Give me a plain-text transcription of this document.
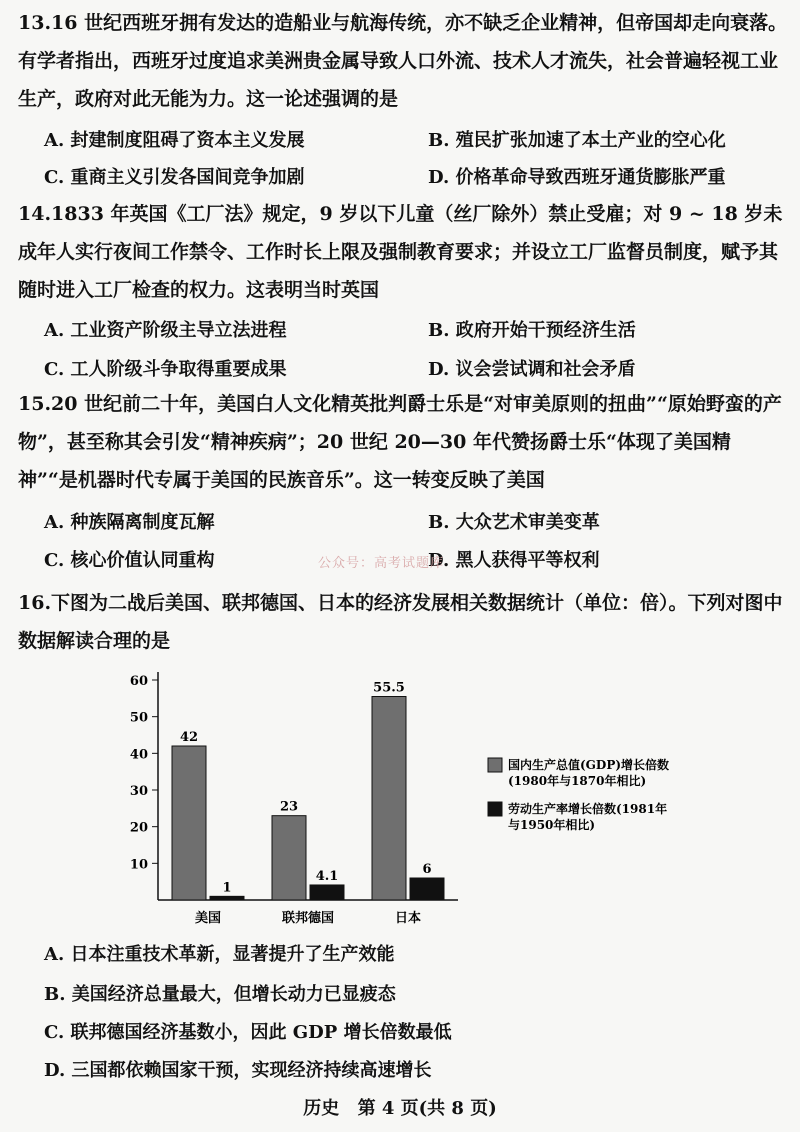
13.16 世纪西班牙拥有发达的造船业与航海传统，亦不缺乏企业精神，但帝国却走向衰落。有学者指出，西班牙过度追求美洲贵金属导致人口外流、技术人才流失，社会普遍轻视工业生产，政府对此无能为力。这一论述强调的是
A. 封建制度阻碍了资本主义发展	B. 殖民扩张加速了本土产业的空心化
C. 重商主义引发各国间竞争加剧	D. 价格革命导致西班牙通货膨胀严重
14.1833 年英国《工厂法》规定，9 岁以下儿童（丝厂除外）禁止受雇；对 9 ~ 18 岁未成年人实行夜间工作禁令、工作时长上限及强制教育要求；并设立工厂监督员制度，赋予其随时进入工厂检查的权力。这表明当时英国
A. 工业资产阶级主导立法进程	B. 政府开始干预经济生活
C. 工人阶级斗争取得重要成果	D. 议会尝试调和社会矛盾
15.20 世纪前二十年，美国白人文化精英批判爵士乐是“对审美原则的扭曲”“原始野蛮的产物”，甚至称其会引发“精神疾病”；20 世纪 20—30 年代赞扬爵士乐“体现了美国精神”“是机器时代专属于美国的民族音乐”。这一转变反映了美国
A. 种族隔离制度瓦解	B. 大众艺术审美变革
C. 核心价值认同重构	D. 黑人获得平等权利
公众号：高考试题库
16.下图为二战后美国、联邦德国、日本的经济发展相关数据统计（单位：倍）。下列对图中数据解读合理的是
10
20
30
40
50
60
42
1
美国
23
4.1
联邦德国
55.5
6
日本
国内生产总值(GDP)增长倍数
(1980年与1870年相比)
劳动生产率增长倍数(1981年
与1950年相比)
A. 日本注重技术革新，显著提升了生产效能
B. 美国经济总量最大，但增长动力已显疲态
C. 联邦德国经济基数小，因此 GDP 增长倍数最低
D. 三国都依赖国家干预，实现经济持续高速增长
历史 第 4 页(共 8 页)
